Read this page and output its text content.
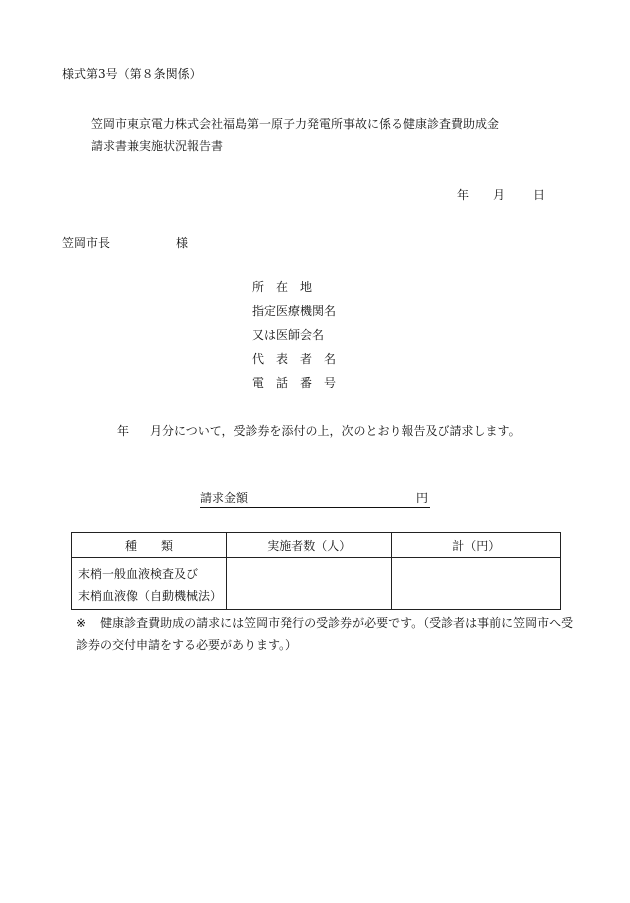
様式第3号（第８条関係）
笠岡市東京電力株式会社福島第一原子力発電所事故に係る健康診査費助成金
請求書兼実施状況報告書
年 月 日
笠岡市長	様
所　在　地
指定医療機関名
又は医師会名
代　表　者　名
電　話　番　号
年 月分について，受診券を添付の上，次のとおり報告及び請求します。
請求金額	円
種　　類	実施者数（人）	計（円）

末梢一般血液検査及び
末梢血液像（自動機械法）		

※ 健康診査費助成の請求には笠岡市発行の受診券が必要です。（受診者は事前に笠岡市へ受診券の交付申請をする必要があります。）
